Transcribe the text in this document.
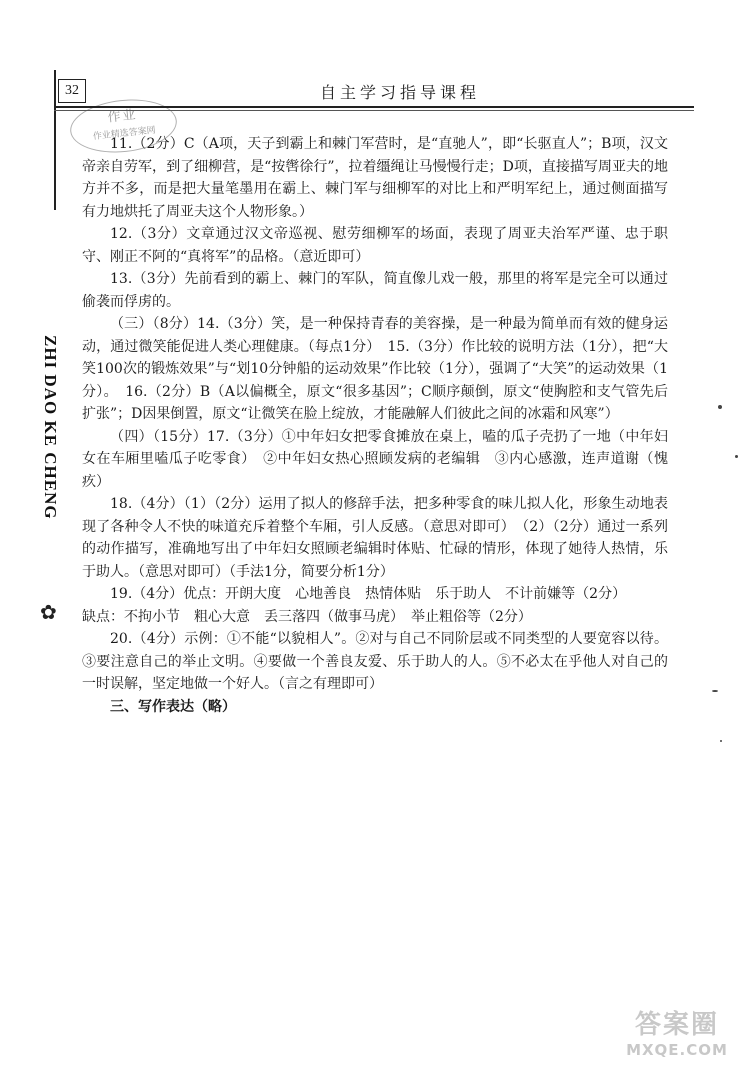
32
作业
作业精选答案网
自主学习指导课程
ZHI DAO KE CHENG
✿

11.（2分）C（A项，天子到霸上和棘门军营时，是“直驰人”，即“长驱直人”；B项，汉文帝亲自劳军，到了细柳营，是“按辔徐行”，拉着缰绳让马慢慢行走；D项，直接描写周亚夫的地方并不多，而是把大量笔墨用在霸上、棘门军与细柳军的对比上和严明军纪上，通过侧面描写有力地烘托了周亚夫这个人物形象。）

12.（3分）文章通过汉文帝巡视、慰劳细柳军的场面，表现了周亚夫治军严谨、忠于职守、刚正不阿的“真将军”的品格。（意近即可）

13.（3分）先前看到的霸上、棘门的军队，简直像儿戏一般，那里的将军是完全可以通过偷袭而俘虏的。

（三）（8分）14.（3分）笑，是一种保持青春的美容操，是一种最为简单而有效的健身运动，通过微笑能促进人类心理健康。（每点1分）　15.（3分）作比较的说明方法（1分），把“大笑100次的锻炼效果”与“划10分钟船的运动效果”作比较（1分），强调了“大笑”的运动效果（1分）。　16.（2分）B（A以偏概全，原文“很多基因”；C顺序颠倒，原文“使胸腔和支气管先后扩张”；D因果倒置，原文“让微笑在脸上绽放，才能融解人们彼此之间的冰霜和风寒”）

（四）（15分）17.（3分）①中年妇女把零食摊放在桌上，嗑的瓜子壳扔了一地（中年妇女在车厢里嗑瓜子吃零食）　②中年妇女热心照顾发病的老编辑　③内心感激，连声道谢（愧疚）

18.（4分）（1）（2分）运用了拟人的修辞手法，把多种零食的味儿拟人化，形象生动地表现了各种令人不快的味道充斥着整个车厢，引人反感。（意思对即可）　（2）（2分）通过一系列的动作描写，准确地写出了中年妇女照顾老编辑时体贴、忙碌的情形，体现了她待人热情，乐于助人。（意思对即可）（手法1分，简要分析1分）

19.（4分）优点：开朗大度　心地善良　热情体贴　乐于助人　不计前嫌等（2分）

缺点：不拘小节　粗心大意　丢三落四（做事马虎）　举止粗俗等（2分）

20.（4分）示例：①不能“以貌相人”。②对与自己不同阶层或不同类型的人要宽容以待。③要注意自己的举止文明。④要做一个善良友爱、乐于助人的人。⑤不必太在乎他人对自己的一时误解，坚定地做一个好人。（言之有理即可）

三、写作表达（略）

答案圈
MXQE.COM
